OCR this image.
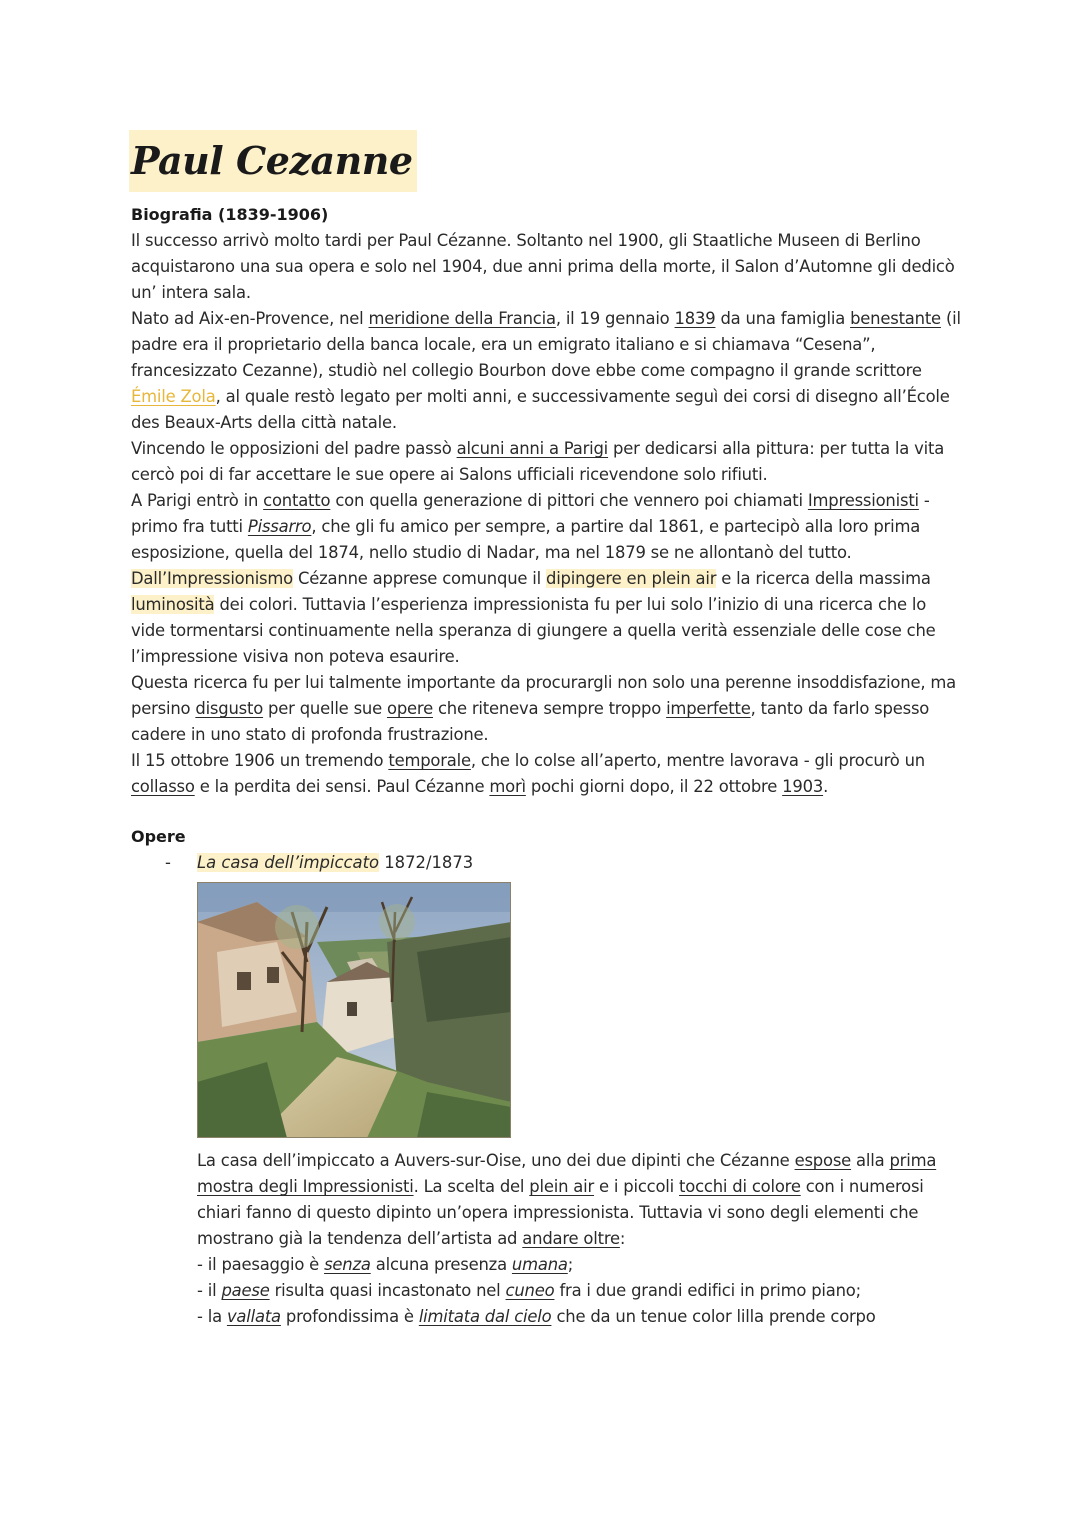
Paul Cezanne
Biografia (1839-1906)

Il successo arrivò molto tardi per Paul Cézanne. Soltanto nel 1900, gli Staatliche Museen di Berlino acquistarono una sua opera e solo nel 1904, due anni prima della morte, il Salon d’Automne gli dedicò un’ intera sala.

Nato ad Aix-en-Provence, nel meridione della Francia, il 19 gennaio 1839 da una famiglia benestante (il padre era il proprietario della banca locale, era un emigrato italiano e si chiamava “Cesena”, francesizzato Cezanne), studiò nel collegio Bourbon dove ebbe come compagno il grande scrittore Émile Zola, al quale restò legato per molti anni, e successivamente seguì dei corsi di disegno all’École des Beaux-Arts della città natale.

Vincendo le opposizioni del padre passò alcuni anni a Parigi per dedicarsi alla pittura: per tutta la vita cercò poi di far accettare le sue opere ai Salons ufficiali ricevendone solo rifiuti.

A Parigi entrò in contatto con quella generazione di pittori che vennero poi chiamati Impressionisti - primo fra tutti Pissarro, che gli fu amico per sempre, a partire dal 1861, e partecipò alla loro prima esposizione, quella del 1874, nello studio di Nadar, ma nel 1879 se ne allontanò del tutto.

Dall’Impressionismo Cézanne apprese comunque il dipingere en plein air e la ricerca della massima luminosità dei colori. Tuttavia l’esperienza impressionista fu per lui solo l’inizio di una ricerca che lo vide tormentarsi continuamente nella speranza di giungere a quella verità essenziale delle cose che l’impressione visiva non poteva esaurire.

Questa ricerca fu per lui talmente importante da procurargli non solo una perenne insoddisfazione, ma persino disgusto per quelle sue opere che riteneva sempre troppo imperfette, tanto da farlo spesso cadere in uno stato di profonda frustrazione.

Il 15 ottobre 1906 un tremendo temporale, che lo colse all’aperto, mentre lavorava - gli procurò un collasso e la perdita dei sensi. Paul Cézanne morì pochi giorni dopo, il 22 ottobre 1903.

Opere
-	La casa dell’impiccato 1872/1873

La casa dell’impiccato a Auvers-sur-Oise, uno dei due dipinti che Cézanne espose alla prima mostra degli Impressionisti. La scelta del plein air e i piccoli tocchi di colore con i numerosi chiari fanno di questo dipinto un’opera impressionista. Tuttavia vi sono degli elementi che mostrano già la tendenza dell’artista ad andare oltre:

- il paesaggio è senza alcuna presenza umana;

- il paese risulta quasi incastonato nel cuneo fra i due grandi edifici in primo piano;

- la vallata profondissima è limitata dal cielo che da un tenue color lilla prende corpo
